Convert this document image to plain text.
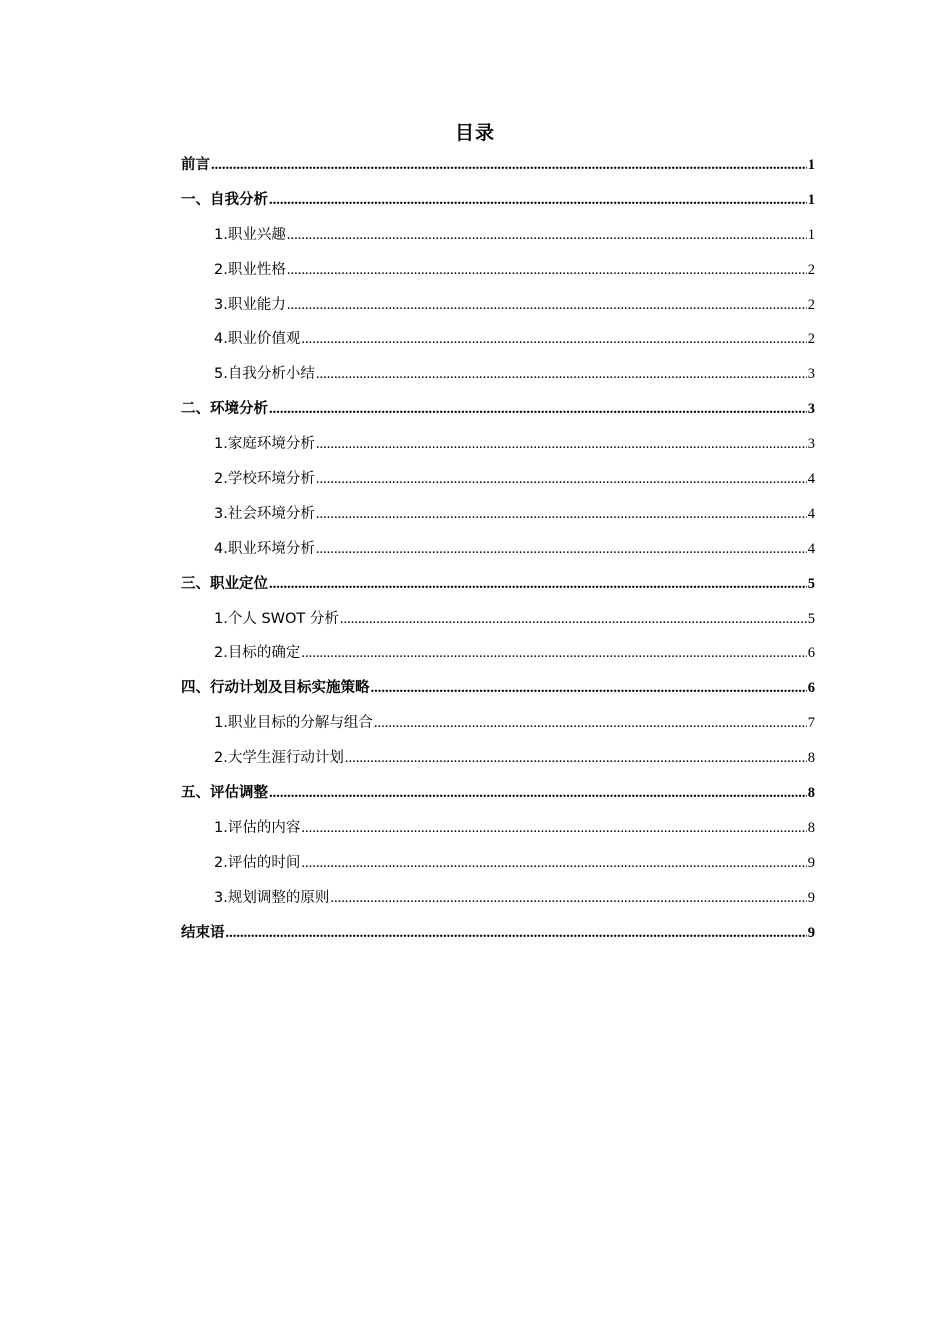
目录
前言 .....	1
一、自我分析 .....	1
1.职业兴趣 .....	1
2.职业性格 .....	2
3.职业能力 .....	2
4.职业价值观 .....	2
5.自我分析小结 .....	3
二、环境分析 .....	3
1.家庭环境分析 .....	3
2.学校环境分析 .....	4
3.社会环境分析 .....	4
4.职业环境分析 .....	4
三、职业定位 .....	5
1.个人 SWOT 分析 .....	5
2.目标的确定 .....	6
四、行动计划及目标实施策略 .....	6
1.职业目标的分解与组合 .....	7
2.大学生涯行动计划 .....	8
五、评估调整 .....	8
1.评估的内容 .....	8
2.评估的时间 .....	9
3.规划调整的原则 .....	9
结束语 .....	9
